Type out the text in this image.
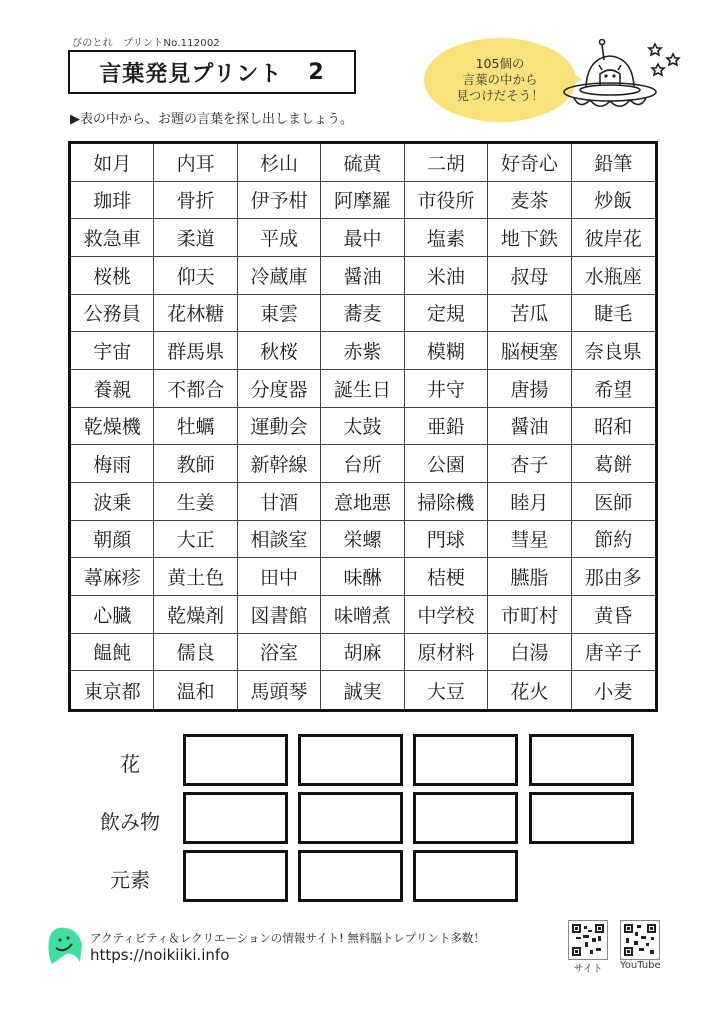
ぴのとれ　プリントNo.112002
言葉発見プリント 2
▶表の中から、お題の言葉を探し出しましょう。
105個の
言葉の中から
見つけだそう！
如月	内耳	杉山	硫黄	二胡	好奇心	鉛筆
珈琲	骨折	伊予柑	阿摩羅	市役所	麦茶	炒飯
救急車	柔道	平成	最中	塩素	地下鉄	彼岸花
桜桃	仰天	冷蔵庫	醤油	米油	叔母	水瓶座
公務員	花林糖	東雲	蕎麦	定規	苦瓜	睫毛
宇宙	群馬県	秋桜	赤紫	模糊	脳梗塞	奈良県
養親	不都合	分度器	誕生日	井守	唐揚	希望
乾燥機	牡蠣	運動会	太鼓	亜鉛	醤油	昭和
梅雨	教師	新幹線	台所	公園	杏子	葛餅
波乗	生姜	甘酒	意地悪	掃除機	睦月	医師
朝顔	大正	相談室	栄螺	門球	彗星	節約
蕁麻疹	黄土色	田中	味醂	桔梗	臙脂	那由多
心臓	乾燥剤	図書館	味噌煮	中学校	市町村	黄昏
饂飩	儒良	浴室	胡麻	原材料	白湯	唐辛子
東京都	温和	馬頭琴	誠実	大豆	花火	小麦
花
飲み物
元素
アクティビティ＆レクリエーションの情報サイト! 無料脳トレプリント多数！
https://noikiiki.info
サイト	YouTube
